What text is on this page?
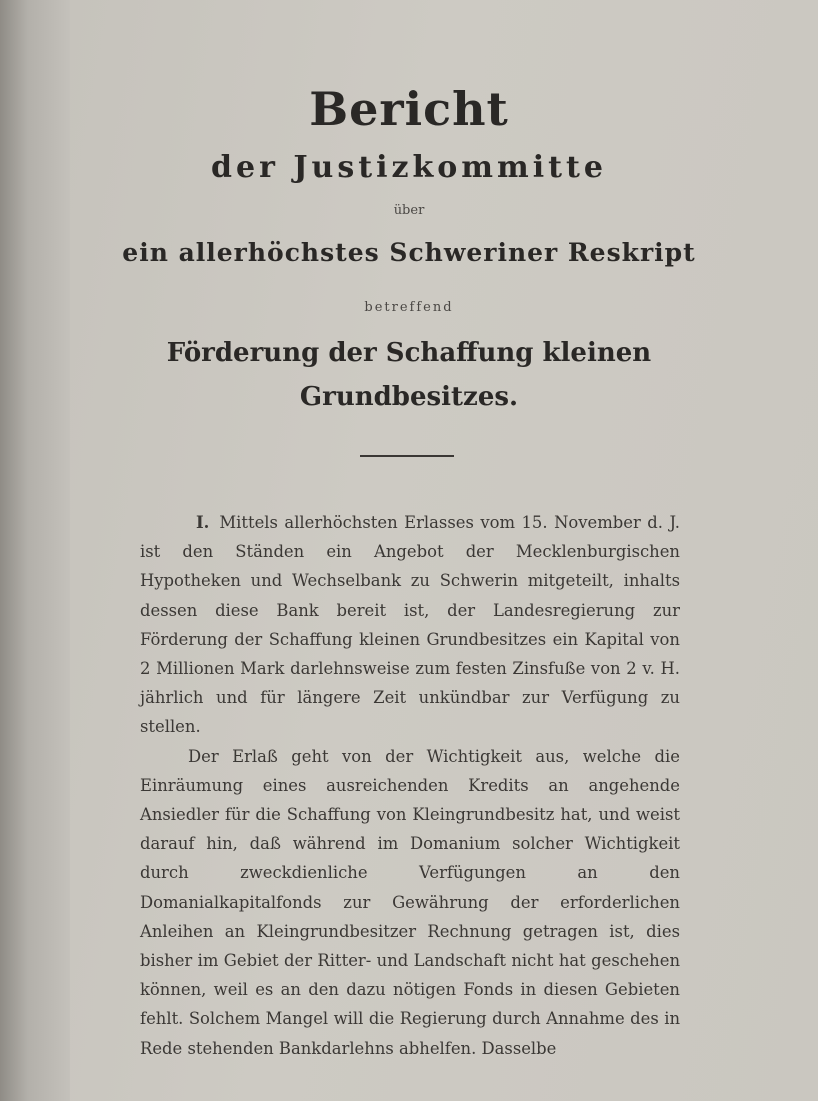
Bericht
der Justizkommitte
über
ein allerhöchstes Schweriner Reskript
betreffend
Förderung der Schaffung kleinen
Grundbesitzes.

I. Mittels allerhöchsten Erlasses vom 15. November d. J. ist den Ständen ein Angebot der Mecklenburgischen Hypotheken und Wechselbank zu Schwerin mitgeteilt, inhalts dessen diese Bank bereit ist, der Landesregierung zur Förderung der Schaffung kleinen Grundbesitzes ein Kapital von 2 Millionen Mark darlehnsweise zum festen Zinsfuße von 2 v. H. jährlich und für längere Zeit unkündbar zur Verfügung zu stellen.

Der Erlaß geht von der Wichtigkeit aus, welche die Einräumung eines ausreichenden Kredits an angehende Ansiedler für die Schaffung von Kleingrundbesitz hat, und weist darauf hin, daß während im Domanium solcher Wichtigkeit durch zweckdienliche Verfügungen an den Domanialkapitalfonds zur Gewährung der erforderlichen Anleihen an Kleingrundbesitzer Rechnung getragen ist, dies bisher im Gebiet der Ritter- und Landschaft nicht hat geschehen können, weil es an den dazu nötigen Fonds in diesen Gebieten fehlt. Solchem Mangel will die Regierung durch Annahme des in Rede stehenden Bankdarlehns abhelfen. Dasselbe
